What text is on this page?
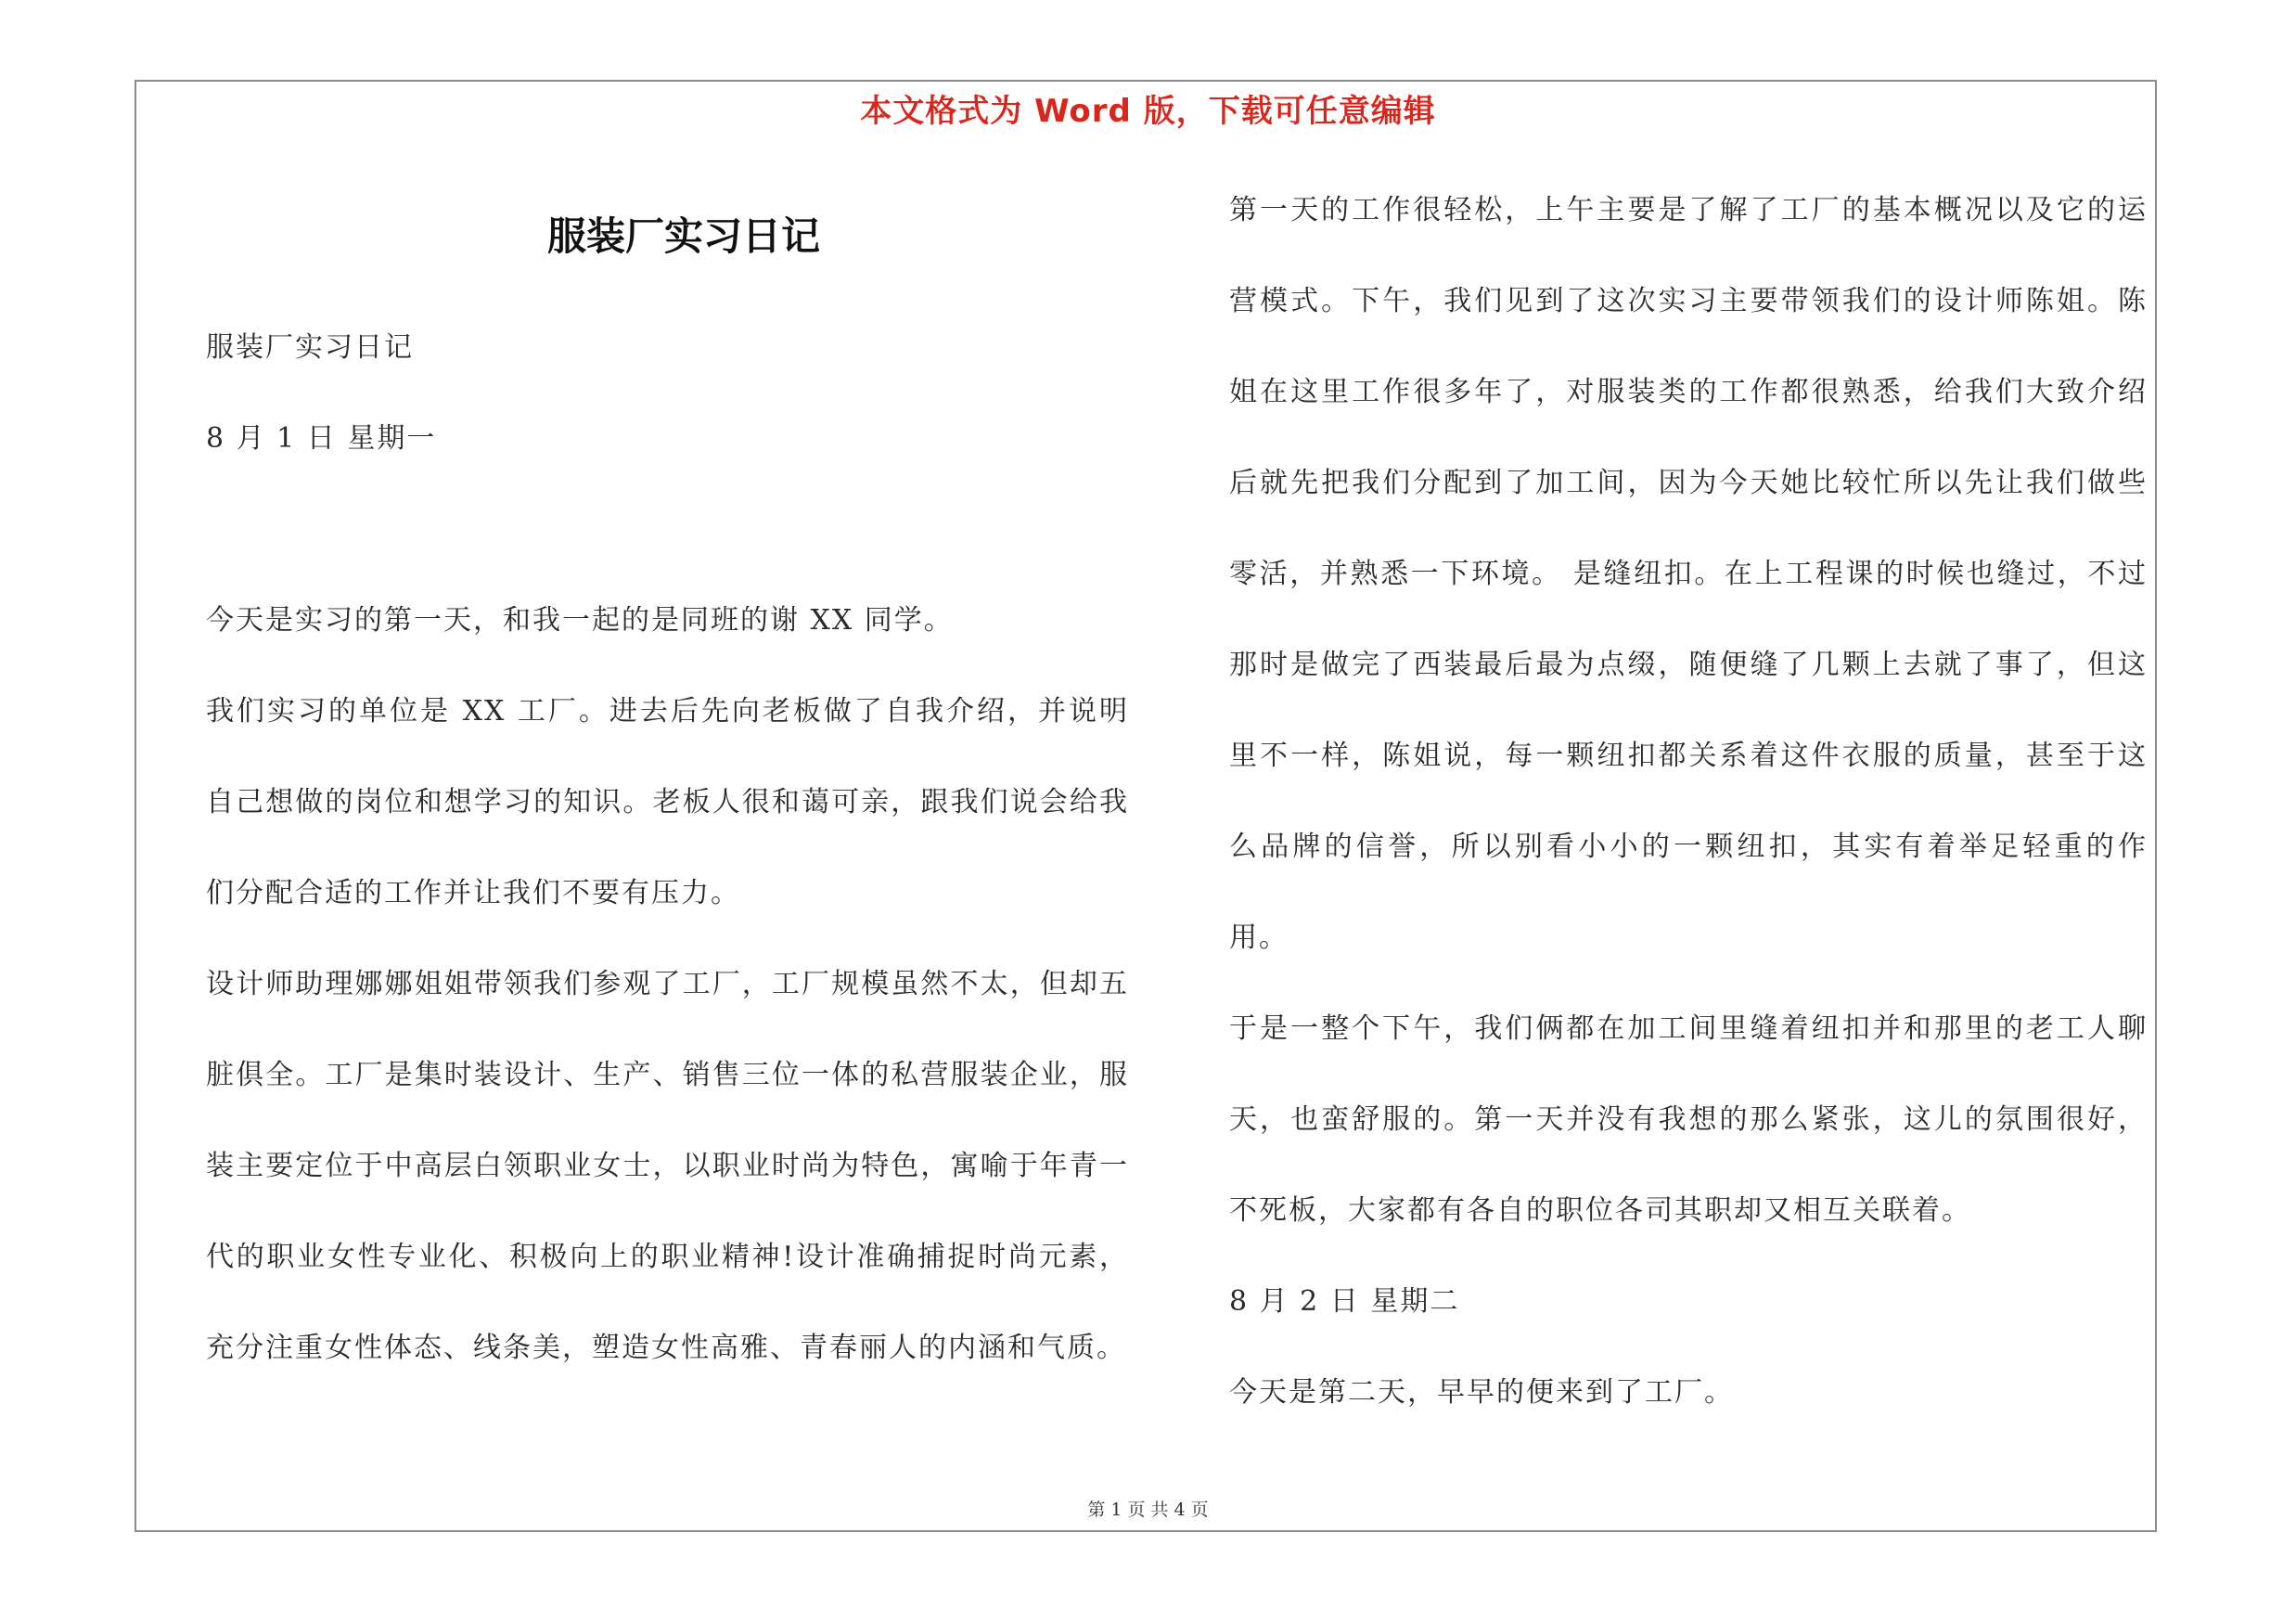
本文格式为 Word 版，下载可任意编辑
服装厂实习日记

服装厂实习日记

8 月 1 日 星期一

今天是实习的第一天，和我一起的是同班的谢 XX 同学。

我们实习的单位是 XX 工厂。进去后先向老板做了自我介绍，并说明自己想做的岗位和想学习的知识。老板人很和蔼可亲，跟我们说会给我们分配合适的工作并让我们不要有压力。

设计师助理娜娜姐姐带领我们参观了工厂，工厂规模虽然不太，但却五脏俱全。工厂是集时装设计、生产、销售三位一体的私营服装企业，服装主要定位于中高层白领职业女士，以职业时尚为特色，寓喻于年青一代的职业女性专业化、积极向上的职业精神!设计准确捕捉时尚元素，充分注重女性体态、线条美，塑造女性高雅、青春丽人的内涵和气质。

第一天的工作很轻松，上午主要是了解了工厂的基本概况以及它的运营模式。下午，我们见到了这次实习主要带领我们的设计师陈姐。陈姐在这里工作很多年了，对服装类的工作都很熟悉，给我们大致介绍后就先把我们分配到了加工间，因为今天她比较忙所以先让我们做些零活，并熟悉一下环境。 是缝纽扣。在上工程课的时候也缝过，不过那时是做完了西装最后最为点缀，随便缝了几颗上去就了事了，但这里不一样，陈姐说，每一颗纽扣都关系着这件衣服的质量，甚至于这么品牌的信誉，所以别看小小的一颗纽扣，其实有着举足轻重的作用。

于是一整个下午，我们俩都在加工间里缝着纽扣并和那里的老工人聊天，也蛮舒服的。第一天并没有我想的那么紧张，这儿的氛围很好，不死板，大家都有各自的职位各司其职却又相互关联着。

8 月 2 日 星期二

今天是第二天，早早的便来到了工厂。

第 1 页 共 4 页
